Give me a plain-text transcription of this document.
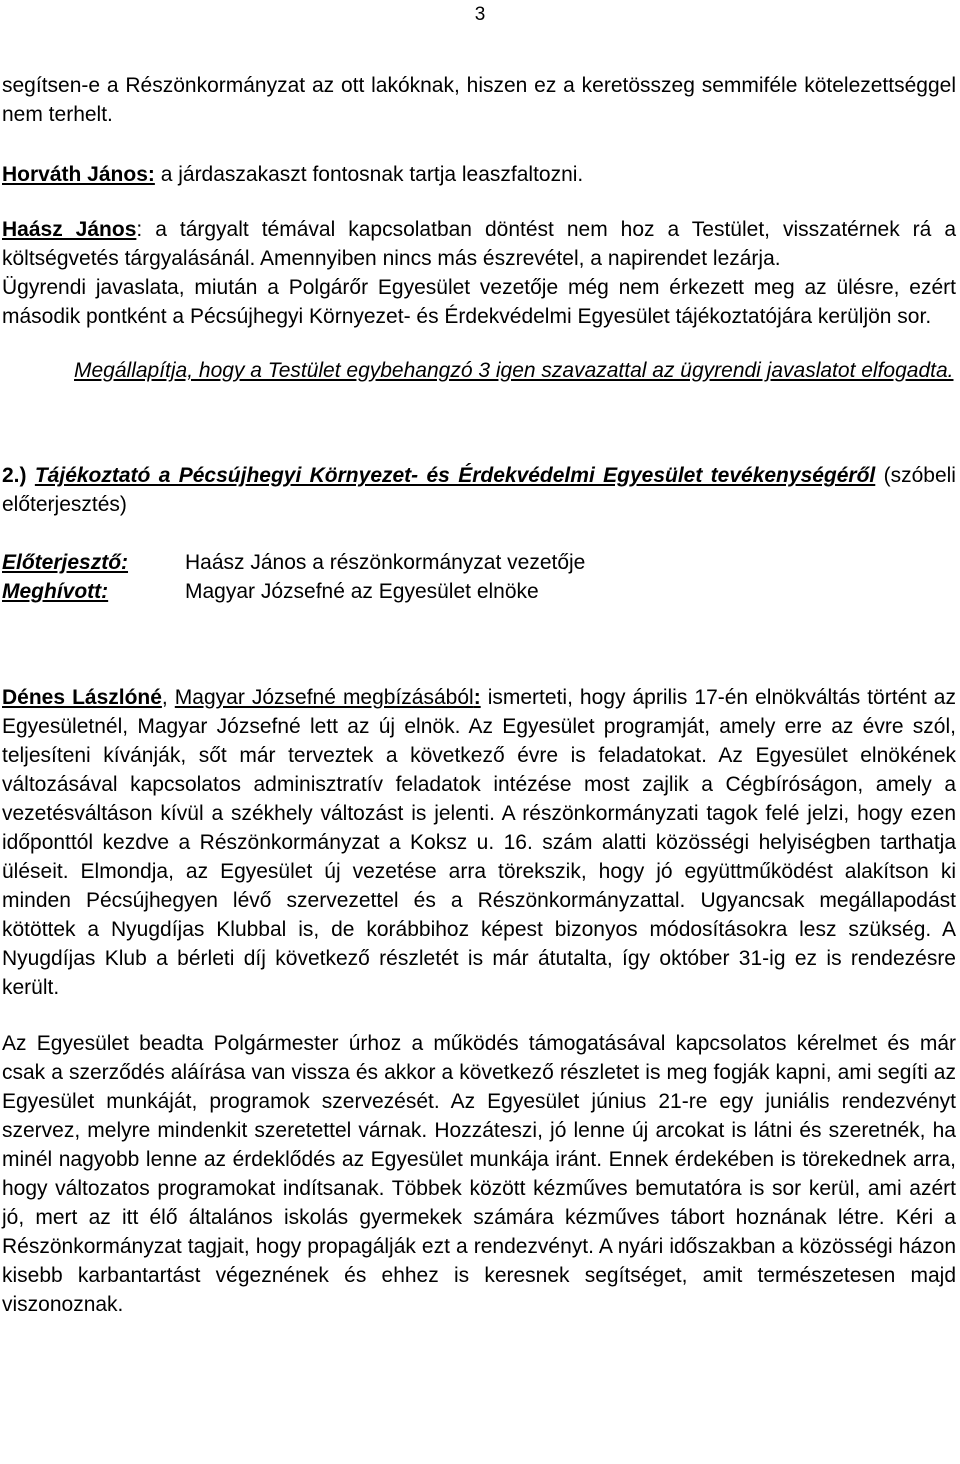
3

segítsen-e a Részönkormányzat az ott lakóknak, hiszen ez a keretösszeg semmiféle kötelezettséggel nem terhelt.

Horváth János: a járdaszakaszt fontosnak tartja leaszfaltozni.

Haász János: a tárgyalt témával kapcsolatban döntést nem hoz a Testület, visszatérnek rá a költségvetés tárgyalásánál. Amennyiben nincs más észrevétel, a napirendet lezárja.

Ügyrendi javaslata, miután a Polgárőr Egyesület vezetője még nem érkezett meg az ülésre, ezért második pontként a Pécsújhegyi Környezet- és Érdekvédelmi Egyesület tájékoztatójára kerüljön sor.

Megállapítja, hogy a Testület egybehangzó 3 igen szavazattal az ügyrendi javaslatot elfogadta.

2.) Tájékoztató a Pécsújhegyi Környezet- és Érdekvédelmi Egyesület tevékenységéről (szóbeli előterjesztés)

Előterjesztő:	Haász János a részönkormányzat vezetője
Meghívott:	Magyar Józsefné az Egyesület elnöke

Dénes Lászlóné, Magyar Józsefné megbízásából: ismerteti, hogy április 17-én elnökváltás történt az Egyesületnél, Magyar Józsefné lett az új elnök. Az Egyesület programját, amely erre az évre szól, teljesíteni kívánják, sőt már terveztek a következő évre is feladatokat. Az Egyesület elnökének változásával kapcsolatos adminisztratív feladatok intézése most zajlik a Cégbíróságon, amely a vezetésváltáson kívül a székhely változást is jelenti. A részönkormányzati tagok felé jelzi, hogy ezen időponttól kezdve a Részönkormányzat a Koksz u. 16. szám alatti közösségi helyiségben tarthatja üléseit. Elmondja, az Egyesület új vezetése arra törekszik, hogy jó együttműködést alakítson ki minden Pécsújhegyen lévő szervezettel és a Részönkormányzattal. Ugyancsak megállapodást kötöttek a Nyugdíjas Klubbal is, de korábbihoz képest bizonyos módosításokra lesz szükség. A Nyugdíjas Klub a bérleti díj következő részletét is már átutalta, így október 31-ig ez is rendezésre került.

Az Egyesület beadta Polgármester úrhoz a működés támogatásával kapcsolatos kérelmet és már csak a szerződés aláírása van vissza és akkor a következő részletet is meg fogják kapni, ami segíti az Egyesület munkáját, programok szervezését. Az Egyesület június 21-re egy juniális rendezvényt szervez, melyre mindenkit szeretettel várnak. Hozzáteszi, jó lenne új arcokat is látni és szeretnék, ha minél nagyobb lenne az érdeklődés az Egyesület munkája iránt. Ennek érdekében is törekednek arra, hogy változatos programokat indítsanak. Többek között kézműves bemutatóra is sor kerül, ami azért jó, mert az itt élő általános iskolás gyermekek számára kézműves tábort hoznának létre. Kéri a Részönkormányzat tagjait, hogy propagálják ezt a rendezvényt. A nyári időszakban a közösségi házon kisebb karbantartást végeznének és ehhez is keresnek segítséget, amit természetesen majd viszonoznak.
